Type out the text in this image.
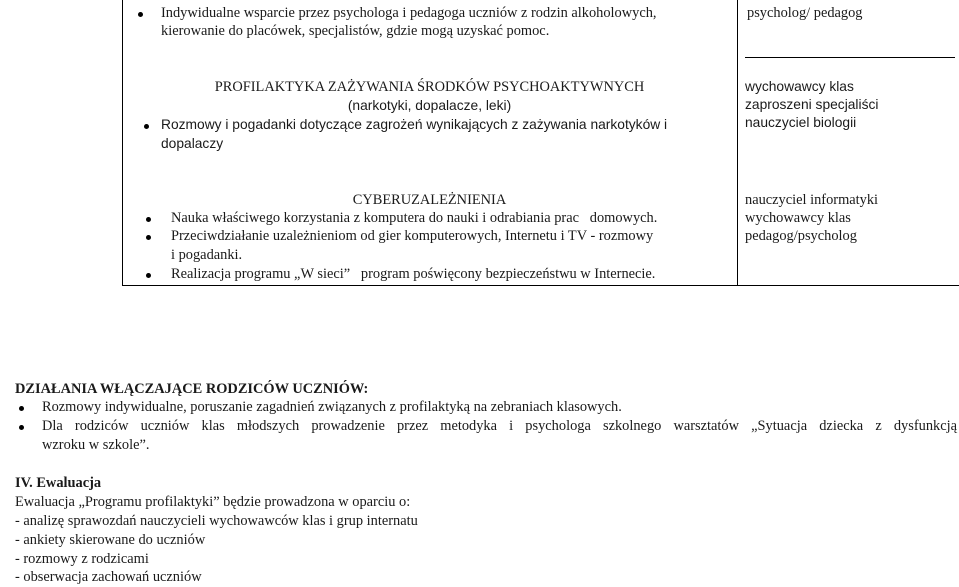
Indywidualne wsparcie przez psychologa i pedagoga uczniów z rodzin alkoholowych,
kierowanie do placówek, specjalistów, gdzie mogą uzyskać pomoc.
psycholog/ pedagog
PROFILAKTYKA ZAŻYWANIA ŚRODKÓW PSYCHOAKTYWNYCH
(narkotyki, dopalacze, leki)
Rozmowy i pogadanki dotyczące zagrożeń wynikających z zażywania narkotyków i
dopalaczy
wychowawcy klas
zaproszeni specjaliści
nauczyciel biologii
CYBERUZALEŻNIENIA
Nauka właściwego korzystania z komputera do nauki i odrabiania prac   domowych.
Przeciwdziałanie uzależnieniom od gier komputerowych, Internetu i TV - rozmowy
i pogadanki.
Realizacja programu „W sieci”   program poświęcony bezpieczeństwu w Internecie.
nauczyciel informatyki
wychowawcy klas
pedagog/psycholog
DZIAŁANIA WŁĄCZAJĄCE RODZICÓW UCZNIÓW:
Rozmowy indywidualne, poruszanie zagadnień związanych z profilaktyką na zebraniach klasowych.
Dla rodziców uczniów klas młodszych prowadzenie przez metodyka i psychologa szkolnego warsztatów „Sytuacja dziecka z dysfunkcją
wzroku w szkole”.
IV. Ewaluacja
Ewaluacja „Programu profilaktyki” będzie prowadzona w oparciu o:
- analizę sprawozdań nauczycieli wychowawców klas i grup internatu
- ankiety skierowane do uczniów
- rozmowy z rodzicami
- obserwacja zachowań uczniów
